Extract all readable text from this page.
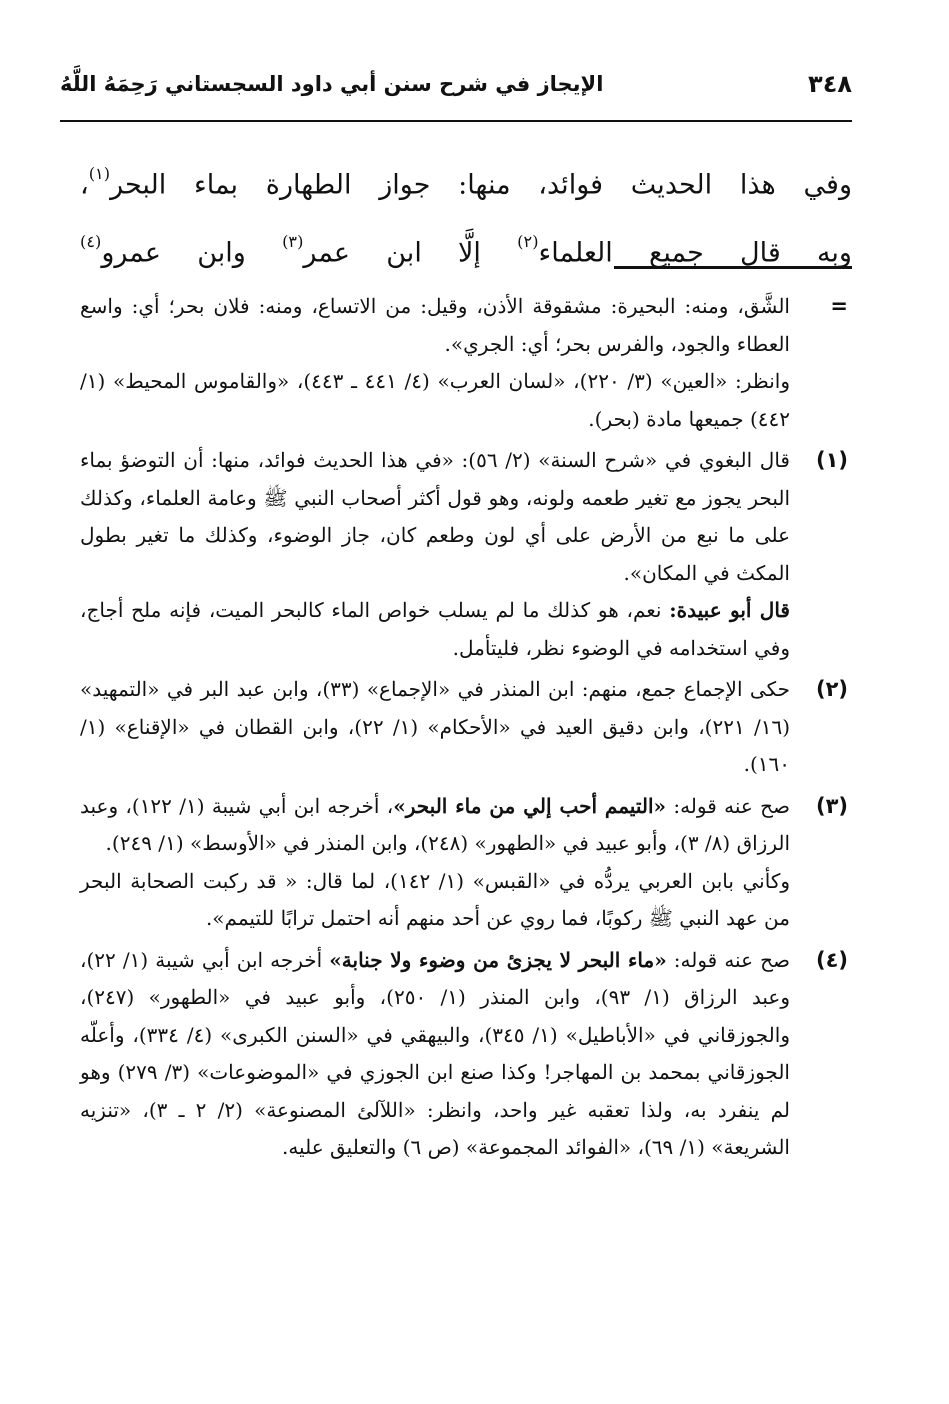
٣٤٨
الإيجاز في شرح سنن أبي داود السجستاني رَحِمَهُ اللَّهُ

وفي هذا الحديث فوائد، منها: جواز الطهارة بماء البحر$^{(١)}$،

وبه قال جميع العلماء$^{(٢)}$ إلَّا ابن عمر$^{(٣)}$ وابن عمرو$^{(٤)}$

=

الشَّق، ومنه: البحيرة: مشقوقة الأذن، وقيل: من الاتساع، ومنه: فلان بحر؛ أي: واسع العطاء والجود، والفرس بحر؛ أي: الجري».

وانظر: «العين» (٣/ ٢٢٠)، «لسان العرب» (٤/ ٤٤١ ـ ٤٤٣)، «والقاموس المحيط» (١/ ٤٤٢) جميعها مادة (بحر).

(١)

قال البغوي في «شرح السنة» (٢/ ٥٦): «في هذا الحديث فوائد، منها: أن التوضؤ بماء البحر يجوز مع تغير طعمه ولونه، وهو قول أكثر أصحاب النبي ﷺ وعامة العلماء، وكذلك على ما نبع من الأرض على أي لون وطعم كان، جاز الوضوء، وكذلك ما تغير بطول المكث في المكان».

قال أبو عبيدة: نعم، هو كذلك ما لم يسلب خواص الماء كالبحر الميت، فإنه ملح أجاج، وفي استخدامه في الوضوء نظر، فليتأمل.

(٢)

حكى الإجماع جمع، منهم: ابن المنذر في «الإجماع» (٣٣)، وابن عبد البر في «التمهيد» (١٦/ ٢٢١)، وابن دقيق العيد في «الأحكام» (١/ ٢٢)، وابن القطان في «الإقناع» (١/ ١٦٠).

(٣)

صح عنه قوله: «التيمم أحب إلي من ماء البحر»، أخرجه ابن أبي شيبة (١/ ١٢٢)، وعبد الرزاق (٨/ ٣)، وأبو عبيد في «الطهور» (٢٤٨)، وابن المنذر في «الأوسط» (١/ ٢٤٩).

وكأني بابن العربي يردُّه في «القبس» (١/ ١٤٢)، لما قال: « قد ركبت الصحابة البحر من عهد النبي ﷺ ركوبًا، فما روي عن أحد منهم أنه احتمل ترابًا للتيمم».

(٤)

صح عنه قوله: «ماء البحر لا يجزئ من وضوء ولا جنابة» أخرجه ابن أبي شيبة (١/ ٢٢)، وعبد الرزاق (١/ ٩٣)، وابن المنذر (١/ ٢٥٠)، وأبو عبيد في «الطهور» (٢٤٧)، والجوزقاني في «الأباطيل» (١/ ٣٤٥)، والبيهقي في «السنن الكبرى» (٤/ ٣٣٤)، وأعلّه الجوزقاني بمحمد بن المهاجر! وكذا صنع ابن الجوزي في «الموضوعات» (٣/ ٢٧٩) وهو لم ينفرد به، ولذا تعقبه غير واحد، وانظر: «اللآلئ المصنوعة» (٢/ ٢ ـ ٣)، «تنزيه الشريعة» (١/ ٦٩)، «الفوائد المجموعة» (ص ٦) والتعليق عليه.
